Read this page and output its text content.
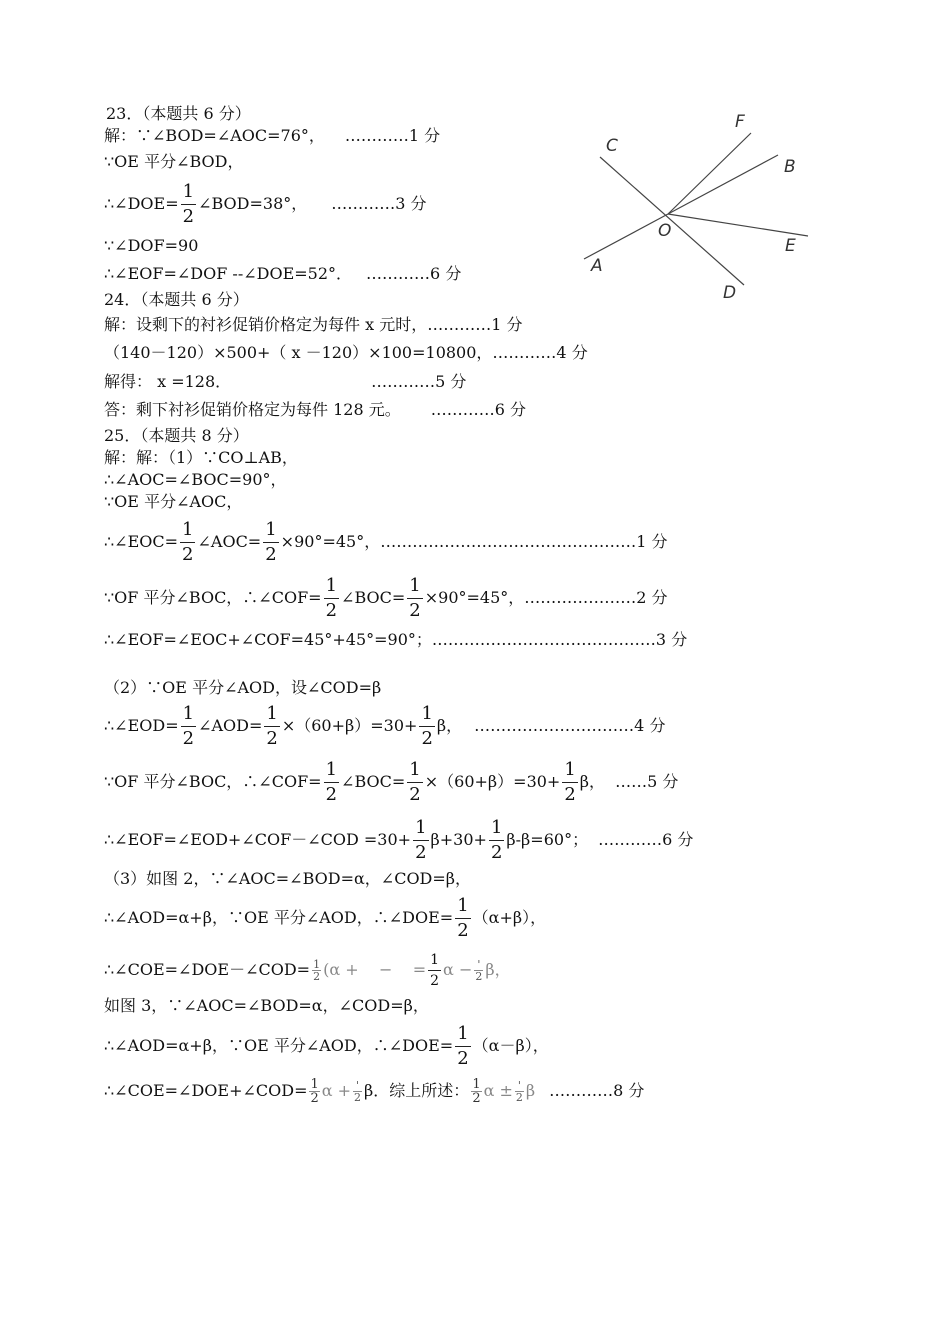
F
C
B
O
E
A
D
23．（本题共 6 分）
解：∵∠BOD=∠AOC=76°， …………1 分
∵OE 平分∠BOD，
∴∠DOE= $\frac{1}{2}$ ∠BOD=38°， …………3 分
∵∠DOF=90
∴∠EOF=∠DOF --∠DOE=52°． …………6 分
24．（本题共 6 分）
解：设剩下的衬衫促销价格定为每件 x 元时，…………1 分
（140－120）×500+（ x －120）×100=10800，…………4 分
解得： x =128．	…………5 分
答：剩下衬衫促销价格定为每件 128 元。 …………6 分
25．（本题共 8 分）
解：解：（1）∵CO⊥AB，
∴∠AOC=∠BOC=90°，
∵OE 平分∠AOC，
∴∠EOC= $\frac{1}{2}$ ∠AOC= $\frac{1}{2} \times 90^\circ=45^\circ$，…………………………………………1 分
∵OF 平分∠BOC，∴∠COF= $\frac{1}{2}$ ∠BOC= $\frac{1}{2} \times 90^\circ=45^\circ$，…………………2 分
∴∠EOF=∠EOC+∠COF=45°+45°=90°；……………………………………3 分
（2）∵OE 平分∠AOD，设∠COD=β
∴∠EOD= $\frac{1}{2}$ ∠AOD= $\frac{1}{2} \times(60+\beta)=30+ \frac{1}{2}$ β， …………………………4 分
∵OF 平分∠BOC，∴∠COF= $\frac{1}{2}$ ∠BOC= $\frac{1}{2} \times(60+\beta)=30+ \frac{1}{2}$ β， ……5 分
∴∠EOF=∠EOD+∠COF－∠COD $=30+ \frac{1}{2} \beta+30+ \frac{1}{2} \beta-\beta=60^\circ$； …………6 分
（3）如图 2，∵∠AOC=∠BOD=α，∠COD=β，
∴∠AOD=α+β，∵OE 平分∠AOD，∴∠DOE= $\frac{1}{2} (\alpha+\beta)$，
∴∠COE=∠DOE－∠COD= $\frac{1}{2} (\alpha$ +    −    = $\frac{1}{2}$ $\alpha - \frac{'}{2}$ β，
如图 3，∵∠AOC=∠BOD=α，∠COD=β，
∴∠AOD=α+β，∵OE 平分∠AOD，∴∠DOE= $\frac{1}{2} (\alpha-\beta)$，
∴∠COE=∠DOE+∠COD= $\frac{1}{2}$ $\alpha + \frac{'}{2}$ β．综上所述： $\frac{1}{2}$ $\alpha \pm \frac{'}{2}$ β …………8 分
